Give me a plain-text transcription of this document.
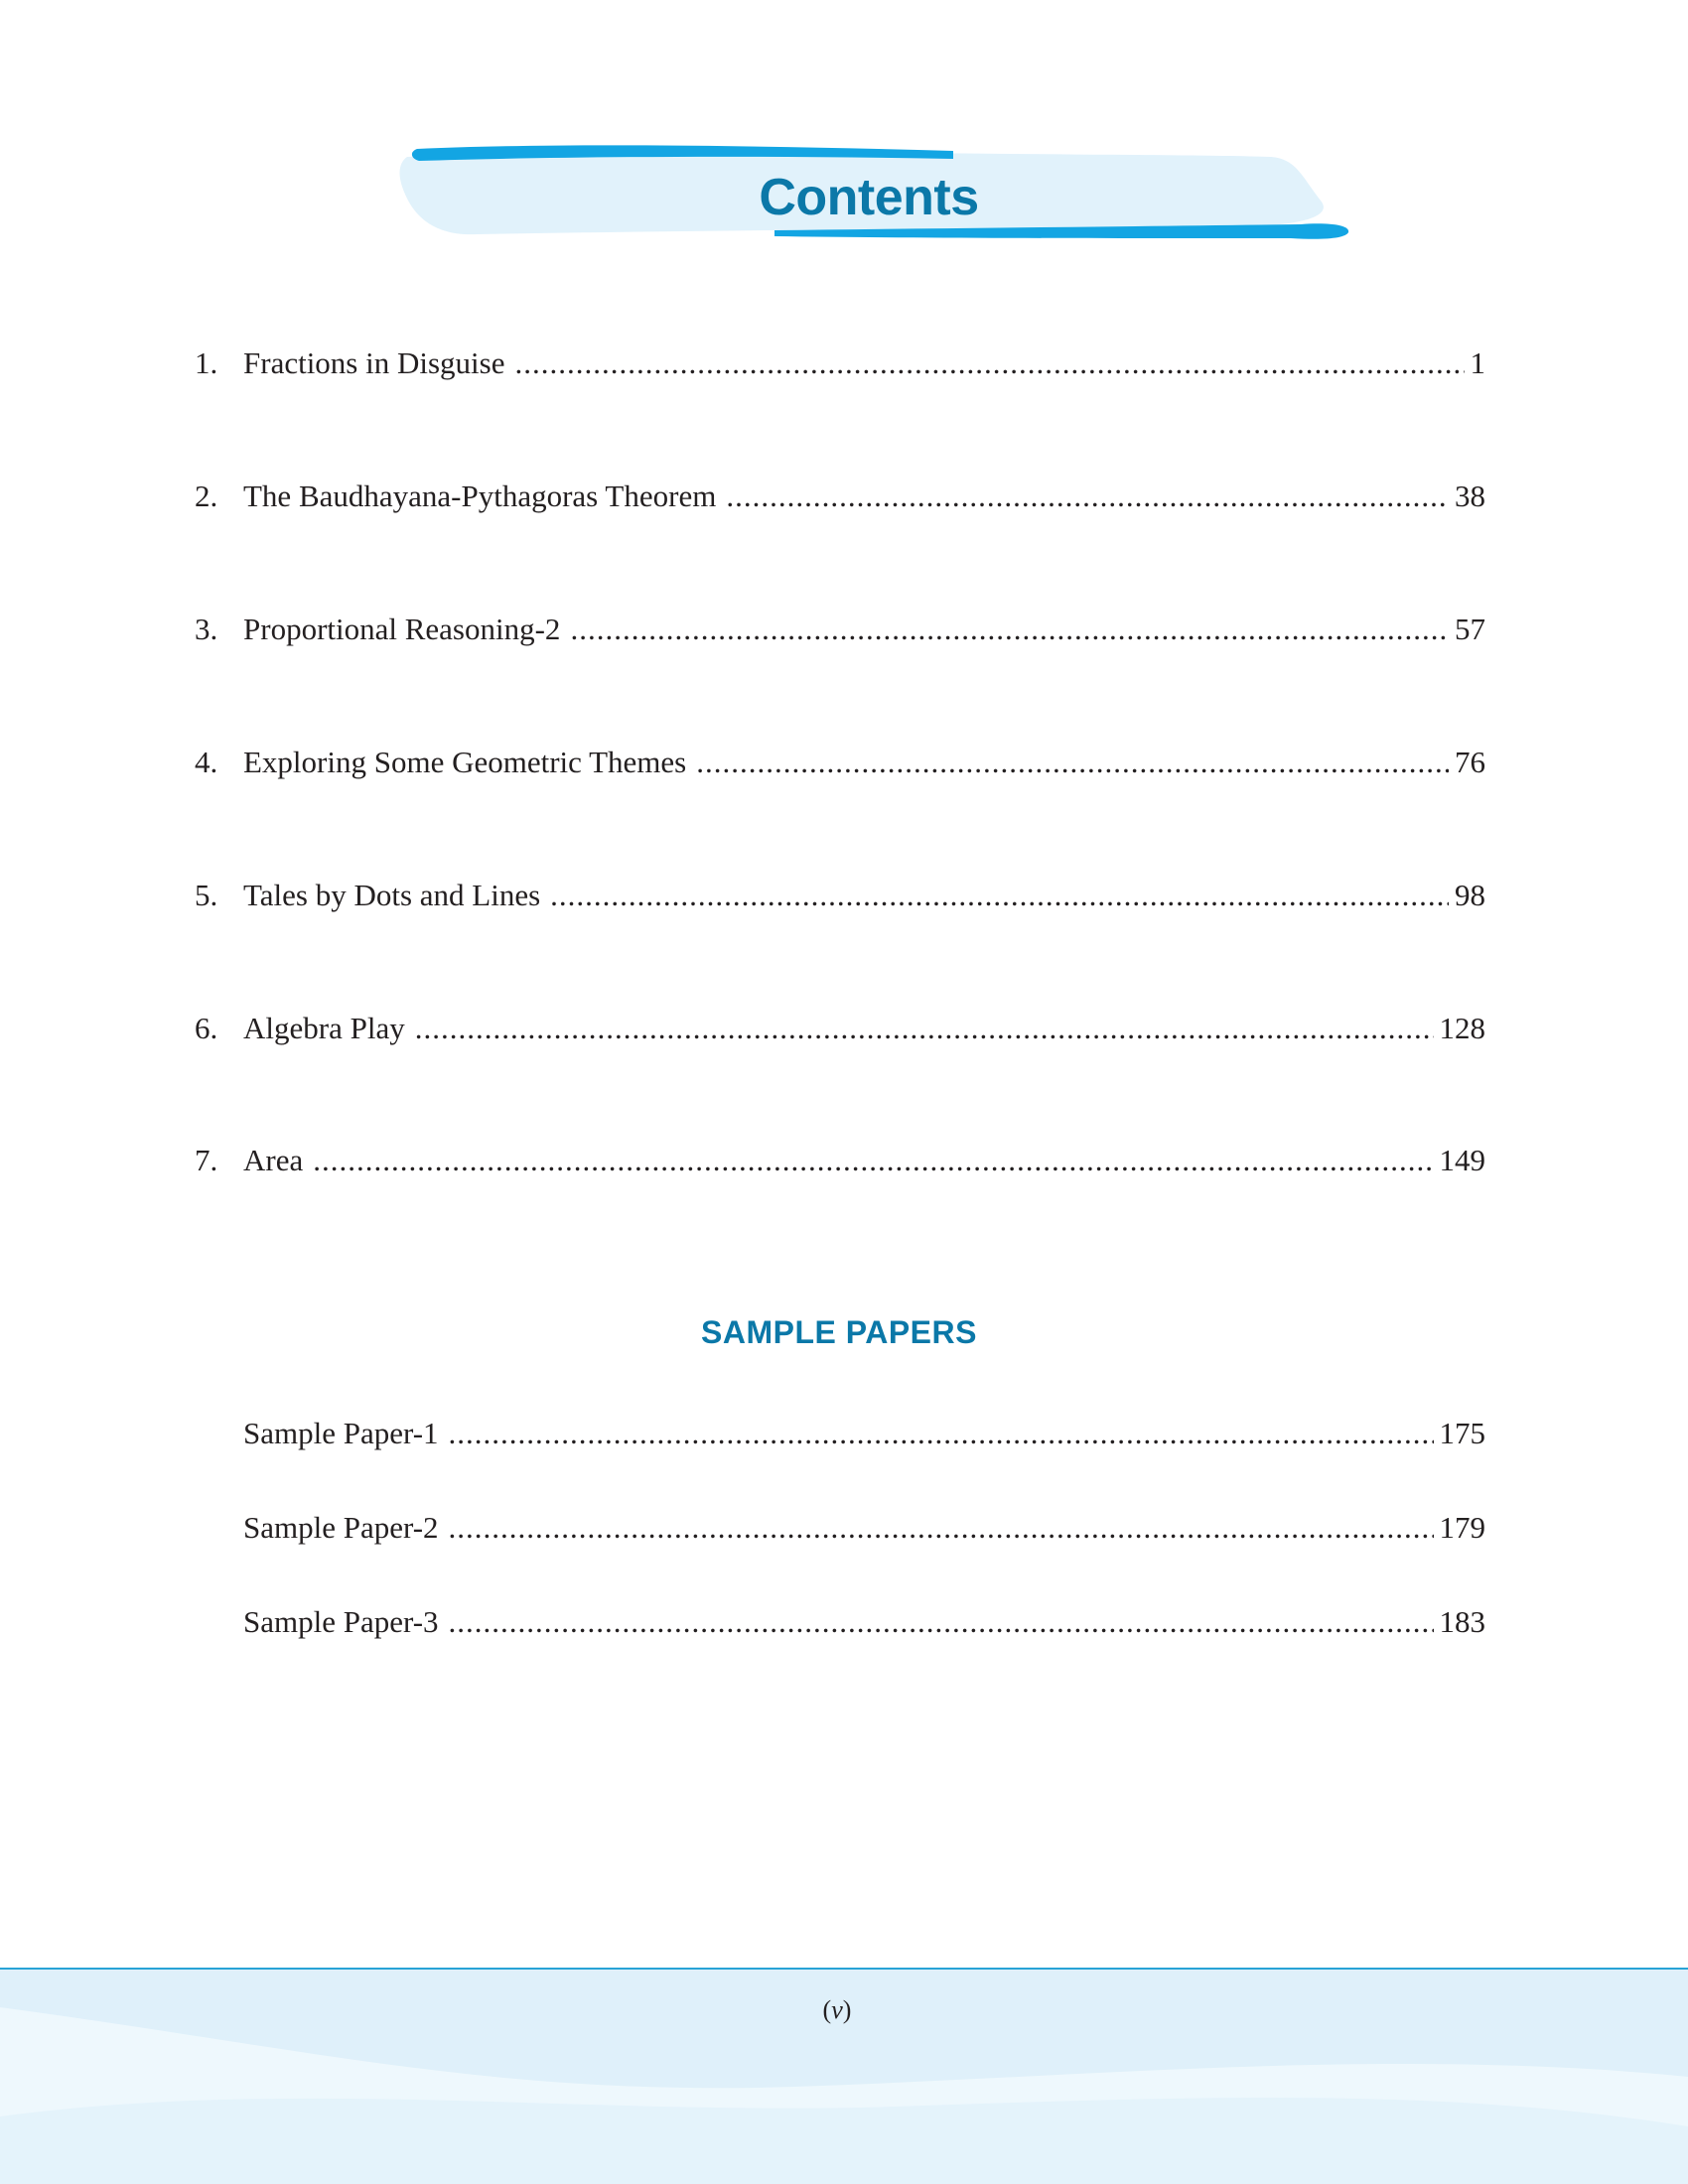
Contents
1. Fractions in Disguise .....	1
2. The Baudhayana-Pythagoras Theorem .....	38
3. Proportional Reasoning-2 .....	57
4. Exploring Some Geometric Themes .....	76
5. Tales by Dots and Lines .....	98
6. Algebra Play .....	128
7. Area .....	149
SAMPLE PAPERS
Sample Paper-1 .....	175
Sample Paper-2 .....	179
Sample Paper-3 .....	183
(v)
